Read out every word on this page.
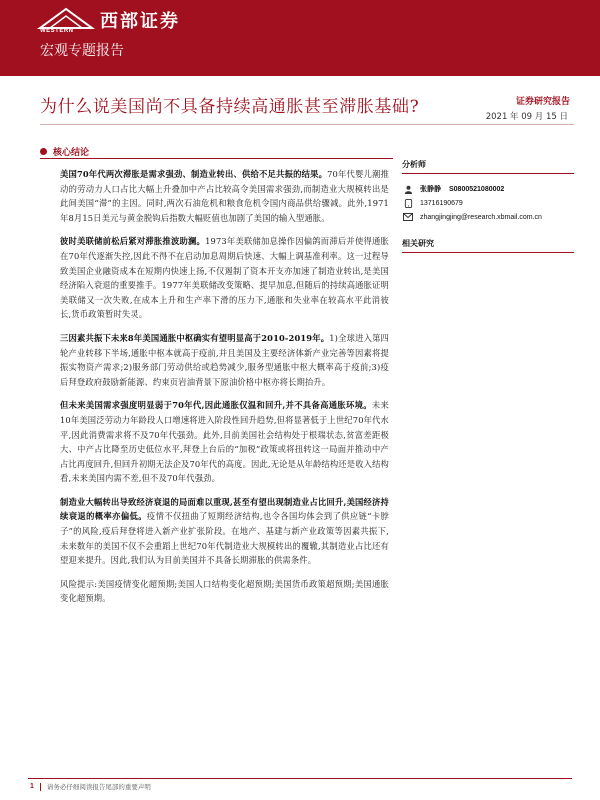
WESTERN 西部证券
宏观专题报告
为什么说美国尚不具备持续高通胀甚至滞胀基础?	证券研究报告
2021 年 09 月 15 日
核心结论

美国70年代两次滞胀是需求强劲、制造业转出、供给不足共振的结果。70年代婴儿潮推动的劳动力人口占比大幅上升叠加中产占比较高令美国需求强劲,而制造业大规模转出是此间美国“滞”的主因。同时,两次石油危机和粮食危机令国内商品供给骤减。此外,1971年8月15日美元与黄金脱钩后指数大幅贬值也加剧了美国的输入型通胀。

彼时美联储前松后紧对滞胀推波助澜。1973年美联储加息操作因偏鸽而滞后并使得通胀在70年代逐渐失控,因此不得不在启动加息周期后快速、大幅上调基准利率。这一过程导致美国企业融资成本在短期内快速上扬,不仅遏制了资本开支亦加速了制造业转出,是美国经济陷入衰退的重要推手。1977年美联储改变策略、提早加息,但随后的持续高通胀证明美联储又一次失败,在成本上升和生产率下滑的压力下,通胀和失业率在较高水平此消彼长,货币政策暂时失灵。

三因素共振下未来8年美国通胀中枢确实有望明显高于2010-2019年。1)全球进入第四轮产业转移下半场,通胀中枢本就高于疫前,并且美国及主要经济体新产业完善等因素将提振实物资产需求;2)服务部门劳动供给或趋势减少,服务型通胀中枢大概率高于疫前;3)疫后拜登政府鼓励新能源、约束页岩油背景下原油价格中枢亦将长期抬升。

但未来美国需求强度明显弱于70年代,因此通胀仅温和回升,并不具备高通胀环境。未来10年美国泛劳动力年龄段人口增速将进入阶段性回升趋势,但将显著低于上世纪70年代水平,因此消费需求将不及70年代强劲。此外,目前美国社会结构处于根瑞状态,贫富差距极大、中产占比降至历史低位水平,拜登上台后的“加税”政策或将扭转这一局面并推动中产占比再度回升,但回升初期无法企及70年代的高度。因此,无论是从年龄结构还是收入结构看,未来美国内需不差,但不及70年代强劲。

制造业大幅转出导致经济衰退的局面难以重现,甚至有望出现制造业占比回升,美国经济持续衰退的概率亦偏低。疫情不仅扭曲了短期经济结构,也令各国均体会到了供应链“卡脖子”的风险,疫后拜登将进入新产业扩张阶段。在地产、基建与新产业政策等因素共振下,未来数年的美国不仅不会重蹈上世纪70年代制造业大规模转出的覆辙,其制造业占比还有望迎来提升。因此,我们认为目前美国并不具备长期滞胀的供需条件。

风险提示:美国疫情变化超预期;美国人口结构变化超预期;美国货币政策超预期;美国通胀变化超预期。

分析师
张静静 S0800521080002
13716190679
zhangjingjing@research.xbmail.com.cn
相关研究
1 请务必仔细阅读报告尾部的重要声明
